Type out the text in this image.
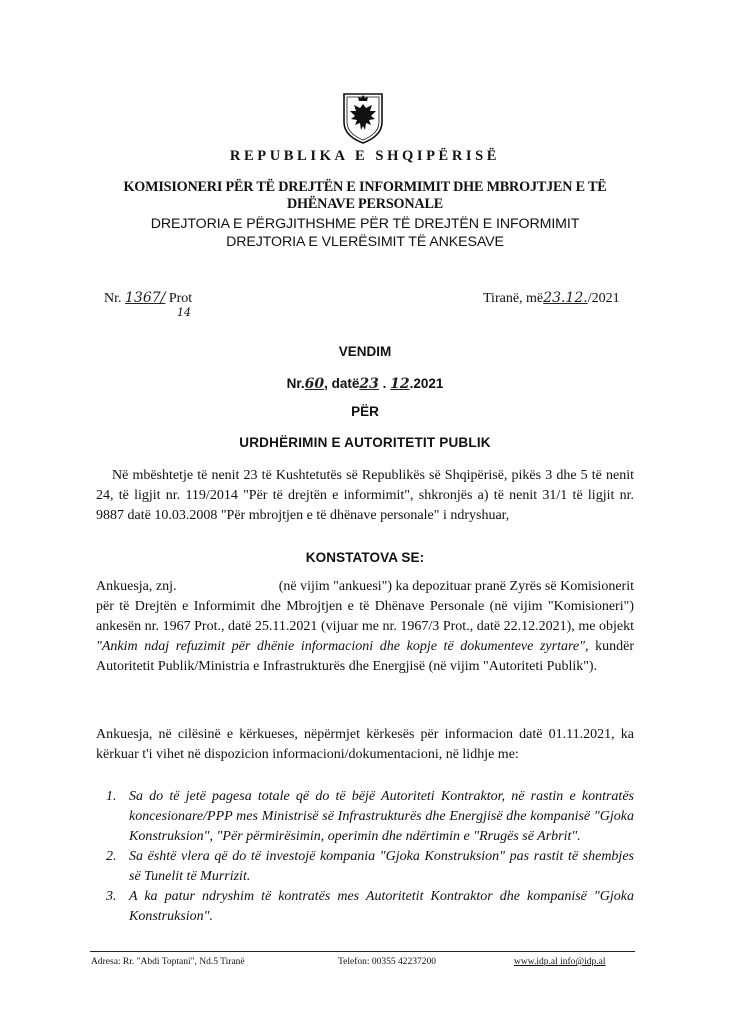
REPUBLIKA E SHQIPËRISË
KOMISIONERI PËR TË DREJTËN E INFORMIMIT DHE MBROJTJEN E TË DHËNAVE PERSONALE
DREJTORIA E PËRGJITHSHME PËR TË DREJTËN E INFORMIMIT
DREJTORIA E VLERËSIMIT TË ANKESAVE
Nr. 1367/ Prot
14
Tiranë, më23.12./2021
VENDIM
Nr.60, datë23 . 12.2021
PËR
URDHËRIMIN E AUTORITETIT PUBLIK
Në mbështetje të nenit 23 të Kushtetutës së Republikës së Shqipërisë, pikës 3 dhe 5 të nenit 24, të ligjit nr. 119/2014 "Për të drejtën e informimit", shkronjës a) të nenit 31/1 të ligjit nr. 9887 datë 10.03.2008 "Për mbrojtjen e të dhënave personale" i ndryshuar,
KONSTATOVA SE:
Ankuesja, znj.                             (në vijim "ankuesi") ka depozituar pranë Zyrës së Komisionerit për të Drejtën e Informimit dhe Mbrojtjen e të Dhënave Personale (në vijim "Komisioneri") ankesën nr. 1967 Prot., datë 25.11.2021 (vijuar me nr. 1967/3 Prot., datë 22.12.2021), me objekt "Ankim ndaj refuzimit për dhënie informacioni dhe kopje të dokumenteve zyrtare", kundër Autoritetit Publik/Ministria e Infrastrukturës dhe Energjisë (në vijim "Autoriteti Publik").
Ankuesja, në cilësinë e kërkueses, nëpërmjet kërkesës për informacion datë 01.11.2021, ka kërkuar t'i vihet në dispozicion informacioni/dokumentacioni, në lidhje me:
1. Sa do të jetë pagesa totale që do të bëjë Autoriteti Kontraktor, në rastin e kontratës koncesionare/PPP mes Ministrisë së Infrastrukturës dhe Energjisë dhe kompanisë "Gjoka Konstruksion", "Për përmirësimin, operimin dhe ndërtimin e "Rrugës së Arbrit".
2. Sa është vlera që do të investojë kompania "Gjoka Konstruksion" pas rastit të shembjes së Tunelit të Murrizit.
3. A ka patur ndryshim të kontratës mes Autoritetit Kontraktor dhe kompanisë "Gjoka Konstruksion".
Adresa: Rr. "Abdi Toptani", Nd.5 Tiranë	Telefon: 00355 42237200	www.idp.al info@idp.al
